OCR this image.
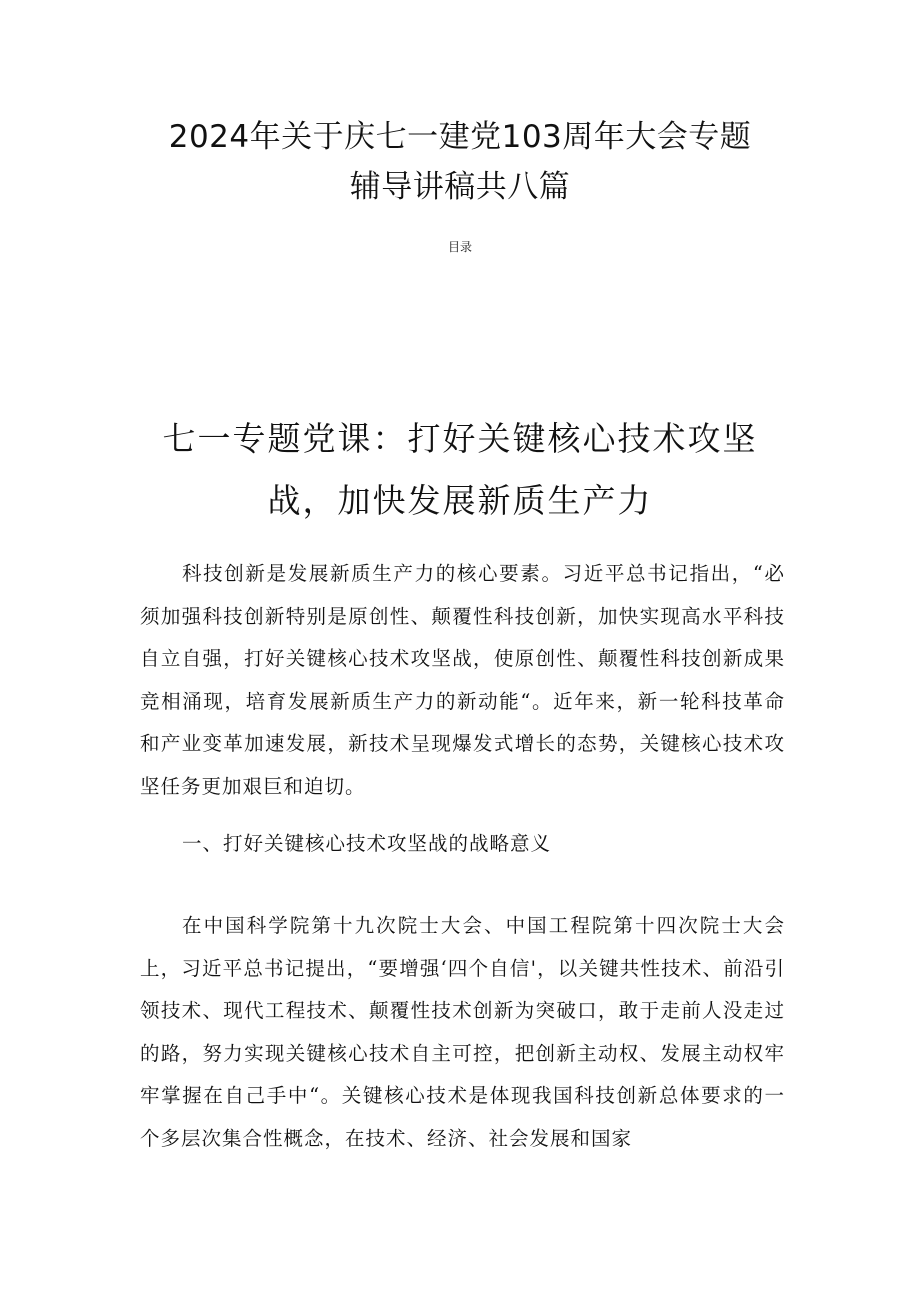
2024年关于庆七一建党103周年大会专题
辅导讲稿共八篇
目录
七一专题党课：打好关键核心技术攻坚
战，加快发展新质生产力

科技创新是发展新质生产力的核心要素。习近平总书记指出，“必须加强科技创新特别是原创性、颠覆性科技创新，加快实现高水平科技自立自强，打好关键核心技术攻坚战，使原创性、颠覆性科技创新成果竞相涌现，培育发展新质生产力的新动能“。近年来，新一轮科技革命和产业变革加速发展，新技术呈现爆发式增长的态势，关键核心技术攻坚任务更加艰巨和迫切。

一、打好关键核心技术攻坚战的战略意义

在中国科学院第十九次院士大会、中国工程院第十四次院士大会上，习近平总书记提出，“要增强‘四个自信'，以关键共性技术、前沿引领技术、现代工程技术、颠覆性技术创新为突破口，敢于走前人没走过的路，努力实现关键核心技术自主可控，把创新主动权、发展主动权牢牢掌握在自己手中“。关键核心技术是体现我国科技创新总体要求的一个多层次集合性概念，在技术、经济、社会发展和国家
